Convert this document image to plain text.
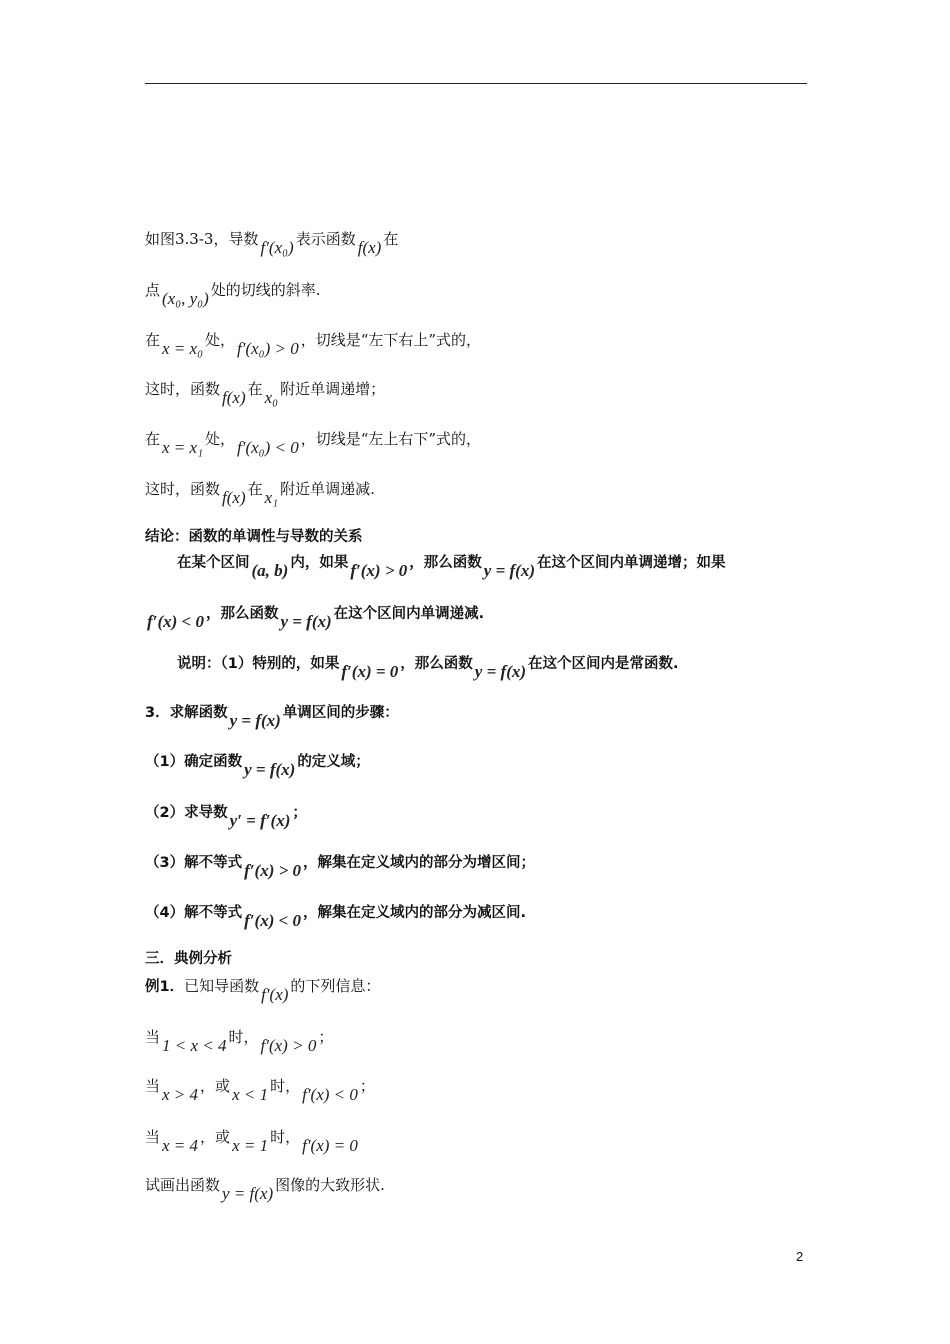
如图3.3-3，导数 f′(x₀) 表示函数 f(x) 在
点 (x₀, y₀) 处的切线的斜率.
在 x = x₀ 处， f′(x₀) > 0 ，切线是“左下右上”式的，
这时，函数 f(x) 在 x₀ 附近单调递增；
在 x = x₁ 处， f′(x₀) < 0 ，切线是“左上右下”式的，
这时，函数 f(x) 在 x₁ 附近单调递减.
结论：函数的单调性与导数的关系
在某个区间 (a, b) 内，如果 f′(x) > 0 ，那么函数 y = f(x) 在这个区间内单调递增；如果
f′(x) < 0 ，那么函数 y = f(x) 在这个区间内单调递减.
说明：（1）特别的，如果 f′(x) = 0 ，那么函数 y = f(x) 在这个区间内是常函数.
3．求解函数 y = f(x) 单调区间的步骤：
（1）确定函数 y = f(x) 的定义域；
（2）求导数 y′ = f′(x) ；
（3）解不等式 f′(x) > 0 ，解集在定义域内的部分为增区间；
（4）解不等式 f′(x) < 0 ，解集在定义域内的部分为减区间.
三．典例分析
例1．已知导函数 f′(x) 的下列信息：
当 1 < x < 4 时， f′(x) > 0 ；
当 x > 4 ，或 x < 1 时， f′(x) < 0 ；
当 x = 4 ，或 x = 1 时， f′(x) = 0
试画出函数 y = f(x) 图像的大致形状.
2
